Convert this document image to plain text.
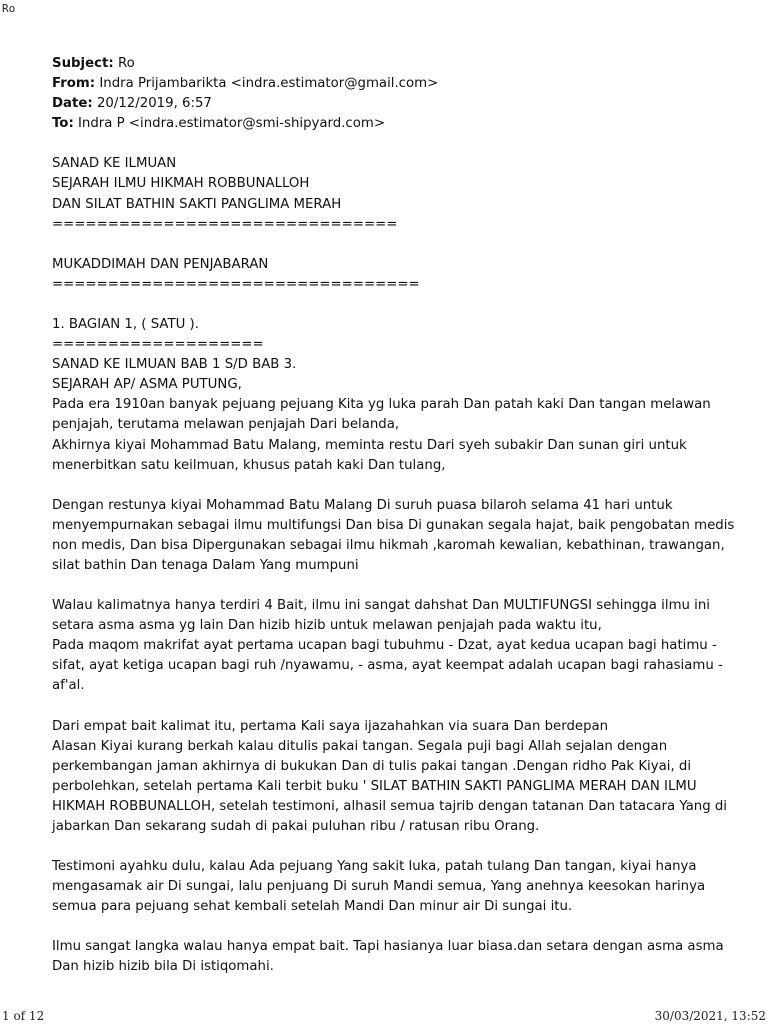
Ro
Subject: Ro
From: Indra Prijambarikta <indra.estimator@gmail.com>
Date: 20/12/2019, 6:57
To: Indra P <indra.estimator@smi-shipyard.com>
SANAD KE ILMUAN
SEJARAH ILMU HIKMAH ROBBUNALLOH
DAN SILAT BATHIN SAKTI PANGLIMA MERAH
===============================
MUKADDIMAH DAN PENJABARAN
=================================
1. BAGIAN 1, ( SATU ).
===================
SANAD KE ILMUAN BAB 1 S/D BAB 3.
SEJARAH AP/ ASMA PUTUNG,
Pada era 1910an banyak pejuang pejuang Kita yg luka parah Dan patah kaki Dan tangan melawan
penjajah, terutama melawan penjajah Dari belanda,
Akhirnya kiyai Mohammad Batu Malang, meminta restu Dari syeh subakir Dan sunan giri untuk
menerbitkan satu keilmuan, khusus patah kaki Dan tulang,
Dengan restunya kiyai Mohammad Batu Malang Di suruh puasa bilaroh selama 41 hari untuk
menyempurnakan sebagai ilmu multifungsi Dan bisa Di gunakan segala hajat, baik pengobatan medis
non medis, Dan bisa Dipergunakan sebagai ilmu hikmah ,karomah kewalian, kebathinan, trawangan,
silat bathin Dan tenaga Dalam Yang mumpuni
Walau kalimatnya hanya terdiri 4 Bait, ilmu ini sangat dahshat Dan MULTIFUNGSI sehingga ilmu ini
setara asma asma yg lain Dan hizib hizib untuk melawan penjajah pada waktu itu,
Pada maqom makrifat ayat pertama ucapan bagi tubuhmu - Dzat, ayat kedua ucapan bagi hatimu -
sifat, ayat ketiga ucapan bagi ruh /nyawamu, - asma, ayat keempat adalah ucapan bagi rahasiamu -
af'al.
Dari empat bait kalimat itu, pertama Kali saya ijazahahkan via suara Dan berdepan
Alasan Kiyai kurang berkah kalau ditulis pakai tangan. Segala puji bagi Allah sejalan dengan
perkembangan jaman akhirnya di bukukan Dan di tulis pakai tangan .Dengan ridho Pak Kiyai, di
perbolehkan, setelah pertama Kali terbit buku ' SILAT BATHIN SAKTI PANGLIMA MERAH DAN ILMU
HIKMAH ROBBUNALLOH, setelah testimoni, alhasil semua tajrib dengan tatanan Dan tatacara Yang di
jabarkan Dan sekarang sudah di pakai puluhan ribu / ratusan ribu Orang.
Testimoni ayahku dulu, kalau Ada pejuang Yang sakit luka, patah tulang Dan tangan, kiyai hanya
mengasamak air Di sungai, lalu penjuang Di suruh Mandi semua, Yang anehnya keesokan harinya
semua para pejuang sehat kembali setelah Mandi Dan minur air Di sungai itu.
Ilmu sangat langka walau hanya empat bait. Tapi hasianya luar biasa.dan setara dengan asma asma
Dan hizib hizib bila Di istiqomahi.
1 of 12	30/03/2021, 13:52
